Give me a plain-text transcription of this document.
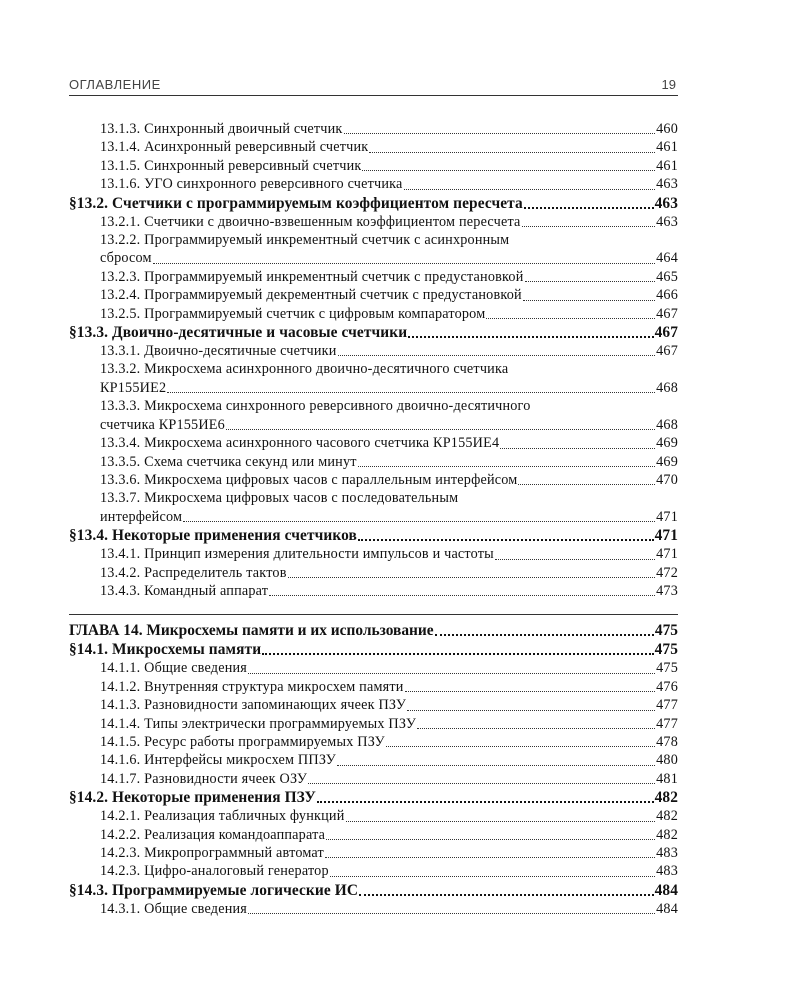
ОГЛАВЛЕНИЕ	19
13.1.3. Синхронный двоичный счетчик	460
13.1.4. Асинхронный реверсивный счетчик	461
13.1.5. Синхронный реверсивный счетчик	461
13.1.6. УГО синхронного реверсивного счетчика	463
§13.2. Счетчики с программируемым коэффициентом пересчета	463
13.2.1. Счетчики с двоично-взвешенным коэффициентом пересчета	463
13.2.2. Программируемый инкрементный счетчик с асинхронным
сбросом	464
13.2.3. Программируемый инкрементный счетчик с предустановкой	465
13.2.4. Программируемый декрементный счетчик с предустановкой	466
13.2.5. Программируемый счетчик с цифровым компаратором	467
§13.3. Двоично-десятичные и часовые счетчики	467
13.3.1. Двоично-десятичные счетчики	467
13.3.2. Микросхема асинхронного двоично-десятичного счетчика
КР155ИЕ2	468
13.3.3. Микросхема синхронного реверсивного двоично-десятичного
счетчика КР155ИЕ6	468
13.3.4. Микросхема асинхронного часового счетчика КР155ИЕ4	469
13.3.5. Схема счетчика секунд или минут	469
13.3.6. Микросхема цифровых часов с параллельным интерфейсом	470
13.3.7. Микросхема цифровых часов с последовательным
интерфейсом	471
§13.4. Некоторые применения счетчиков	471
13.4.1. Принцип измерения длительности импульсов и частоты	471
13.4.2. Распределитель тактов	472
13.4.3. Командный аппарат	473
ГЛАВА 14. Микросхемы памяти и их использование	475
§14.1. Микросхемы памяти	475
14.1.1. Общие сведения	475
14.1.2. Внутренняя структура микросхем памяти	476
14.1.3. Разновидности запоминающих ячеек ПЗУ	477
14.1.4. Типы электрически программируемых ПЗУ	477
14.1.5. Ресурс работы программируемых ПЗУ	478
14.1.6. Интерфейсы микросхем ППЗУ	480
14.1.7. Разновидности ячеек ОЗУ	481
§14.2. Некоторые применения ПЗУ	482
14.2.1. Реализация табличных функций	482
14.2.2. Реализация командоаппарата	482
14.2.3. Микропрограммный автомат	483
14.2.3. Цифро-аналоговый генератор	483
§14.3. Программируемые логические ИС	484
14.3.1. Общие сведения	484
